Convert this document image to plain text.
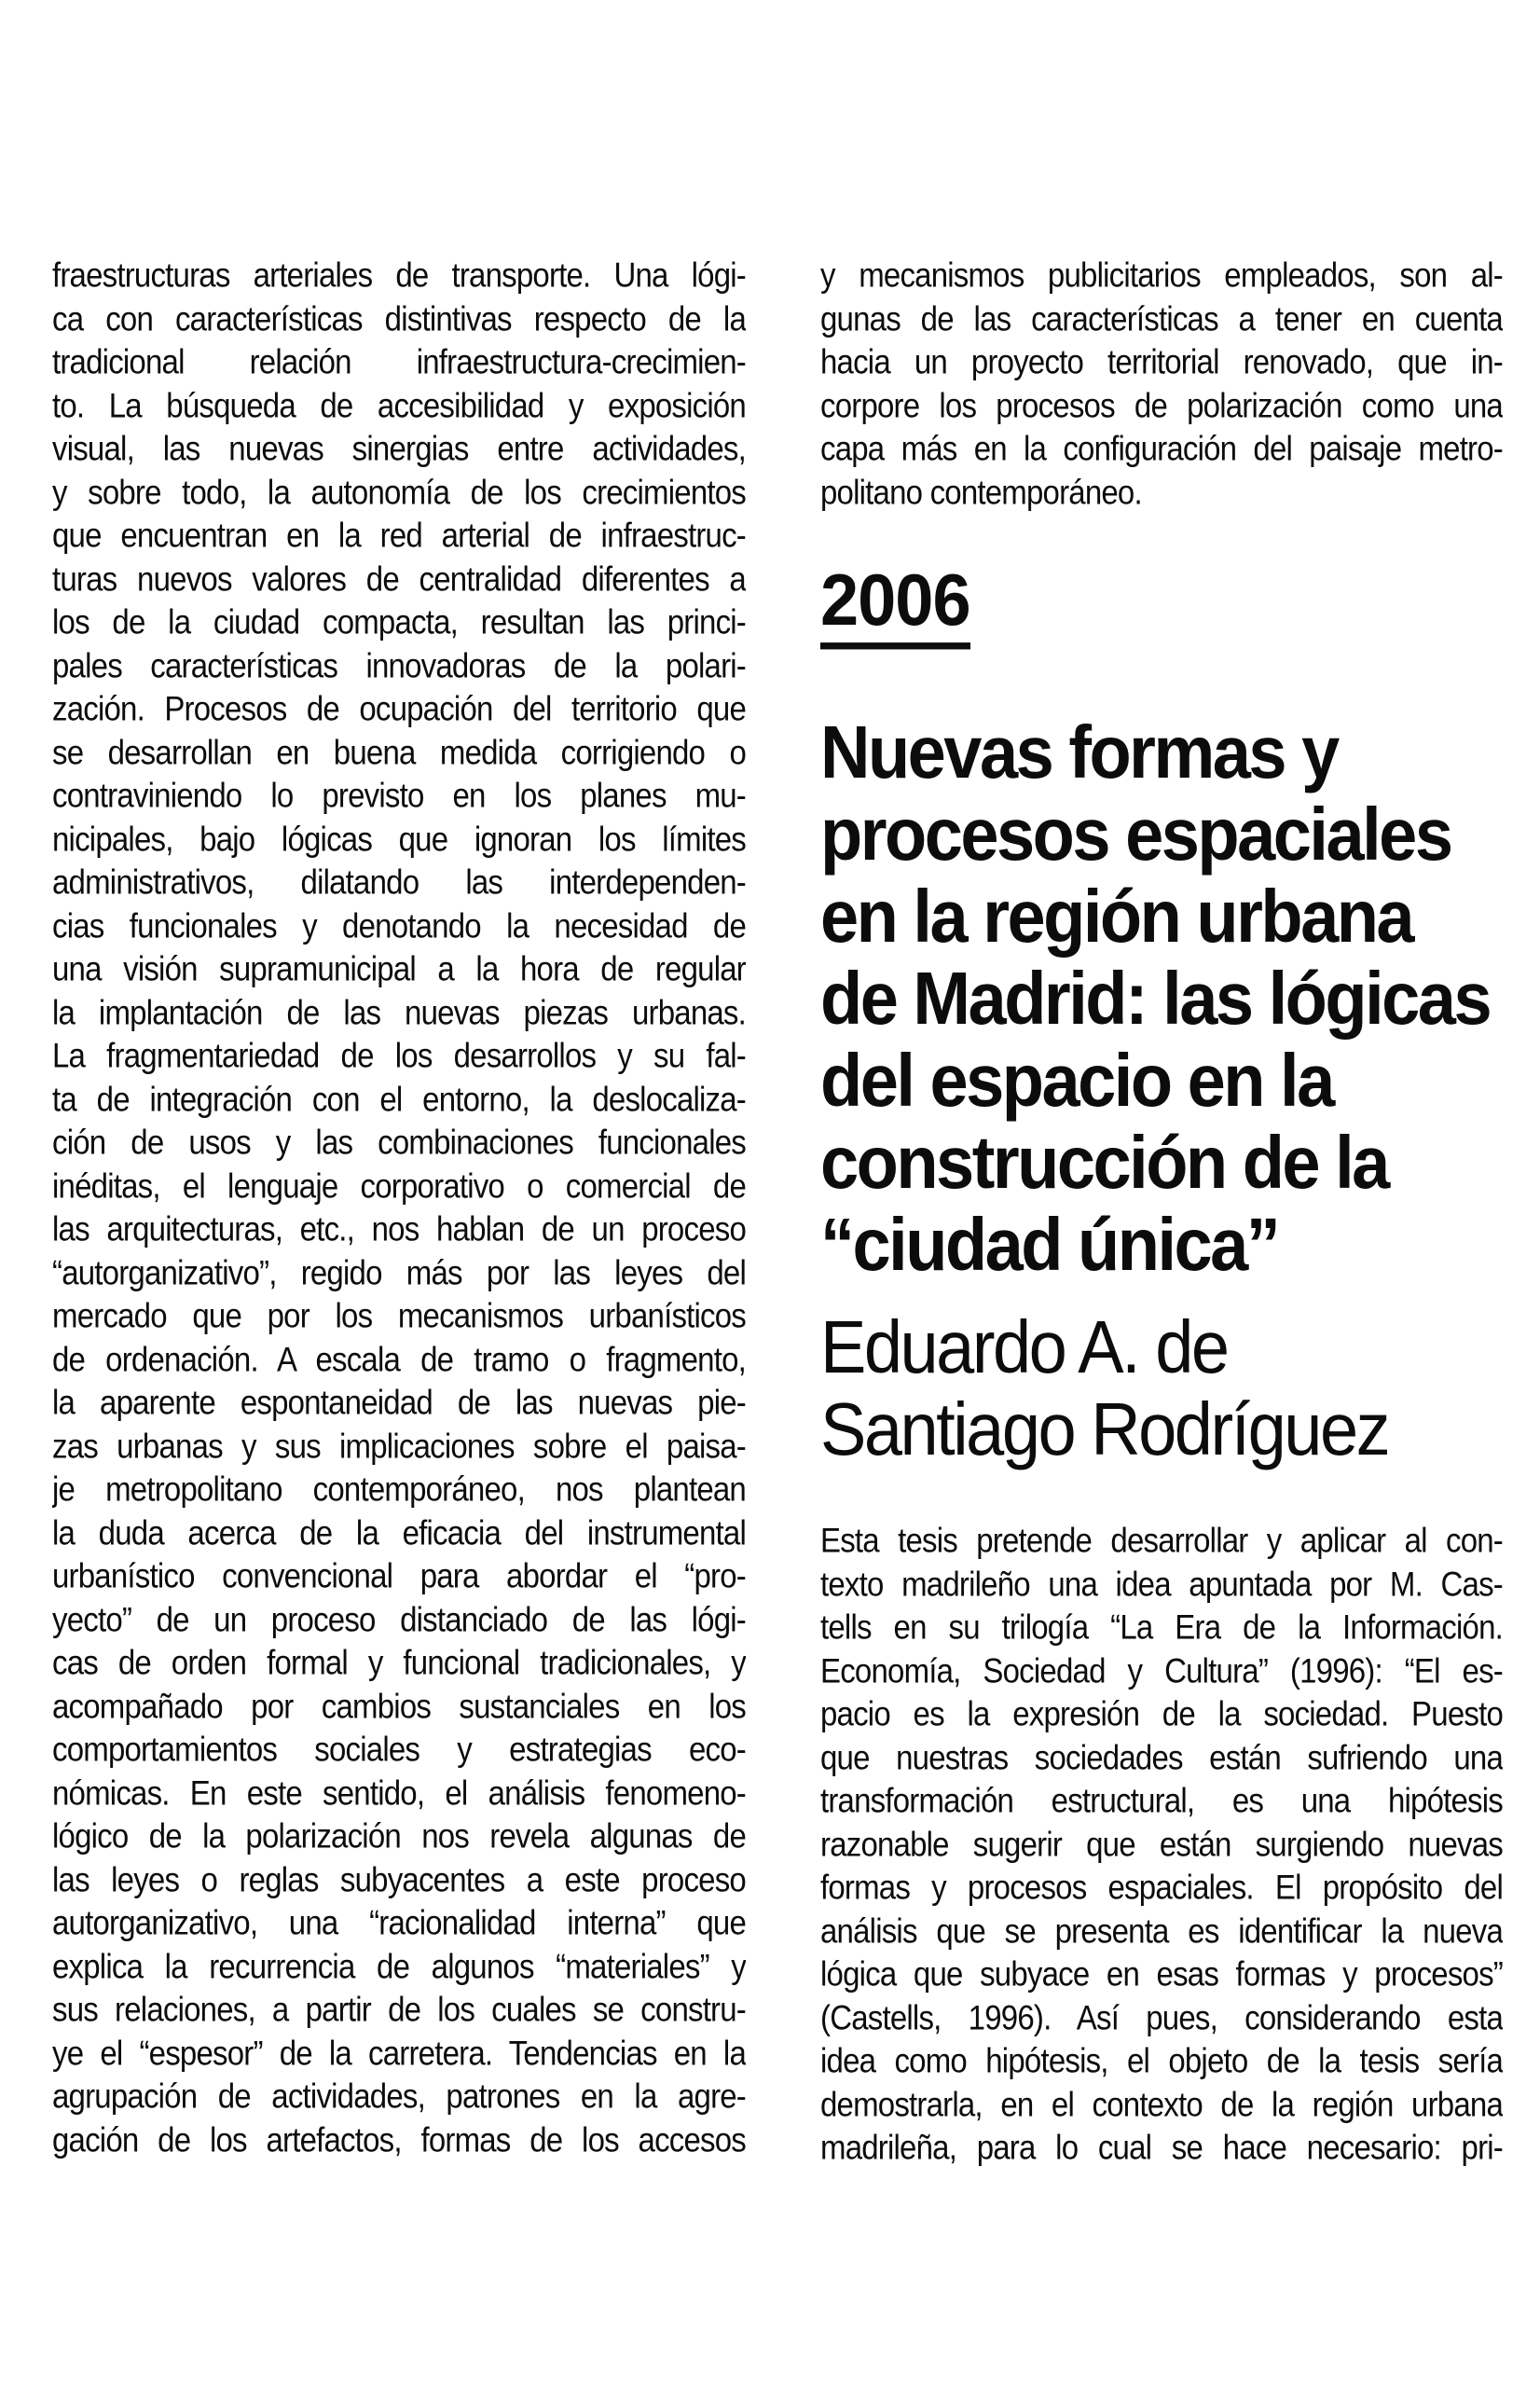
fraestructuras arteriales de transporte. Una lógi-
ca con características distintivas respecto de la
tradicional relación infraestructura-crecimien-
to. La búsqueda de accesibilidad y exposición
visual, las nuevas sinergias entre actividades,
y sobre todo, la autonomía de los crecimientos
que encuentran en la red arterial de infraestruc-
turas nuevos valores de centralidad diferentes a
los de la ciudad compacta, resultan las princi-
pales características innovadoras de la polari-
zación. Procesos de ocupación del territorio que
se desarrollan en buena medida corrigiendo o
contraviniendo lo previsto en los planes mu-
nicipales, bajo lógicas que ignoran los límites
administrativos, dilatando las interdependen-
cias funcionales y denotando la necesidad de
una visión supramunicipal a la hora de regular
la implantación de las nuevas piezas urbanas.
La fragmentariedad de los desarrollos y su fal-
ta de integración con el entorno, la deslocaliza-
ción de usos y las combinaciones funcionales
inéditas, el lenguaje corporativo o comercial de
las arquitecturas, etc., nos hablan de un proceso
“autorganizativo”, regido más por las leyes del
mercado que por los mecanismos urbanísticos
de ordenación. A escala de tramo o fragmento,
la aparente espontaneidad de las nuevas pie-
zas urbanas y sus implicaciones sobre el paisa-
je metropolitano contemporáneo, nos plantean
la duda acerca de la eficacia del instrumental
urbanístico convencional para abordar el “pro-
yecto” de un proceso distanciado de las lógi-
cas de orden formal y funcional tradicionales, y
acompañado por cambios sustanciales en los
comportamientos sociales y estrategias eco-
nómicas. En este sentido, el análisis fenomeno-
lógico de la polarización nos revela algunas de
las leyes o reglas subyacentes a este proceso
autorganizativo, una “racionalidad interna” que
explica la recurrencia de algunos “materiales” y
sus relaciones, a partir de los cuales se constru-
ye el “espesor” de la carretera. Tendencias en la
agrupación de actividades, patrones en la agre-
gación de los artefactos, formas de los accesos
y mecanismos publicitarios empleados, son al-
gunas de las características a tener en cuenta
hacia un proyecto territorial renovado, que in-
corpore los procesos de polarización como una
capa más en la configuración del paisaje metro-
politano contemporáneo.
2006
Nuevas formas y
procesos espaciales
en la región urbana
de Madrid: las lógicas
del espacio en la
construcción de la
“ciudad única”
Eduardo A. de
Santiago Rodríguez
Esta tesis pretende desarrollar y aplicar al con-
texto madrileño una idea apuntada por M. Cas-
tells en su trilogía “La Era de la Información.
Economía, Sociedad y Cultura” (1996): “El es-
pacio es la expresión de la sociedad. Puesto
que nuestras sociedades están sufriendo una
transformación estructural, es una hipótesis
razonable sugerir que están surgiendo nuevas
formas y procesos espaciales. El propósito del
análisis que se presenta es identificar la nueva
lógica que subyace en esas formas y procesos”
(Castells, 1996). Así pues, considerando esta
idea como hipótesis, el objeto de la tesis sería
demostrarla, en el contexto de la región urbana
madrileña, para lo cual se hace necesario: pri-
